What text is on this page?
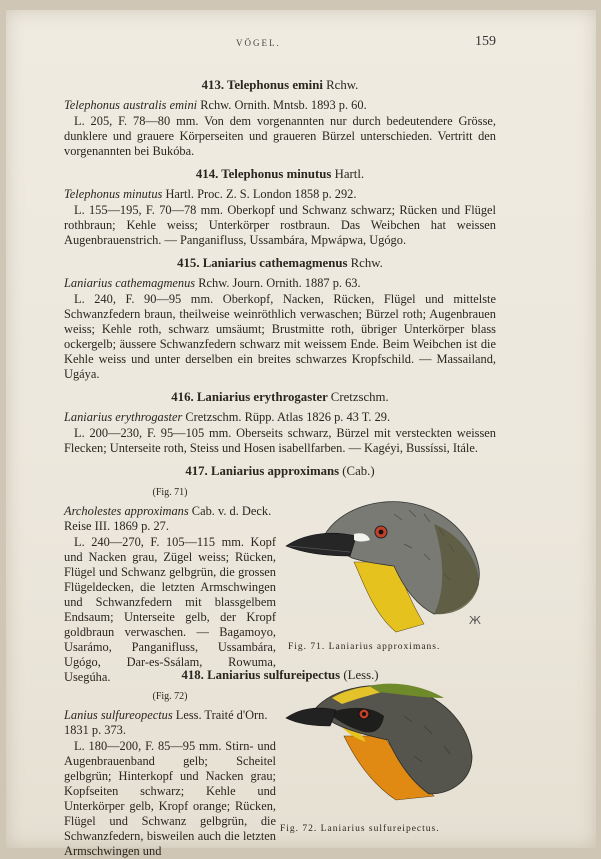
VÖGEL.	159
413. Telephonus emini Rchw.
Telephonus australis emini Rchw. Ornith. Mntsb. 1893 p. 60.

L. 205, F. 78—80 mm. Von dem vorgenannten nur durch bedeutendere Grösse, dunklere und grauere Körperseiten und graueren Bürzel unterschieden. Vertritt den vorgenannten bei Bukóba.

414. Telephonus minutus Hartl.
Telephonus minutus Hartl. Proc. Z. S. London 1858 p. 292.

L. 155—195, F. 70—78 mm. Oberkopf und Schwanz schwarz; Rücken und Flügel rothbraun; Kehle weiss; Unterkörper rostbraun. Das Weibchen hat weissen Augenbrauenstrich. — Panganifluss, Ussambára, Mpwápwa, Ugógo.

415. Laniarius cathemagmenus Rchw.
Laniarius cathemagmenus Rchw. Journ. Ornith. 1887 p. 63.

L. 240, F. 90—95 mm. Oberkopf, Nacken, Rücken, Flügel und mittelste Schwanzfedern braun, theilweise weinröthlich verwaschen; Bürzel roth; Augenbrauen weiss; Kehle roth, schwarz umsäumt; Brustmitte roth, übriger Unterkörper blass ockergelb; äussere Schwanzfedern schwarz mit weissem Ende. Beim Weibchen ist die Kehle weiss und unter derselben ein breites schwarzes Kropfschild. — Massailand, Ugáya.

416. Laniarius erythrogaster Cretzschm.
Laniarius erythrogaster Cretzschm. Rüpp. Atlas 1826 p. 43 T. 29.

L. 200—230, F. 95—105 mm. Oberseits schwarz, Bürzel mit versteckten weissen Flecken; Unterseite roth, Steiss und Hosen isabellfarben. — Kagéyi, Bussíssi, Itále.

417. Laniarius approximans (Cab.)
(Fig. 71)
Archolestes approximans Cab. v. d. Deck. Reise III. 1869 p. 27.

L. 240—270, F. 105—115 mm. Kopf und Nacken grau, Zügel weiss; Rücken, Flügel und Schwanz gelbgrün, die grossen Flügeldecken, die letzten Armschwingen und Schwanzfedern mit blassgelbem Endsaum; Unterseite gelb, der Kropf goldbraun verwaschen. — Bagamoyo, Usarámo, Panganifluss, Ussambára, Ugógo, Dar-es-Ssálam, Rowuma, Usegúha.

Ж
Fig. 71. Laniarius approximans.
418. Laniarius sulfureipectus (Less.)
(Fig. 72)
Lanius sulfureopectus Less. Traité d'Orn. 1831 p. 373.

L. 180—200, F. 85—95 mm. Stirn- und Augenbrauenband gelb; Scheitel gelbgrün; Hinterkopf und Nacken grau; Kopfseiten schwarz; Kehle und Unterkörper gelb, Kropf orange; Rücken, Flügel und Schwanz gelbgrün, die Schwanzfedern, bisweilen auch die letzten Armschwingen und

Fig. 72. Laniarius sulfureipectus.
